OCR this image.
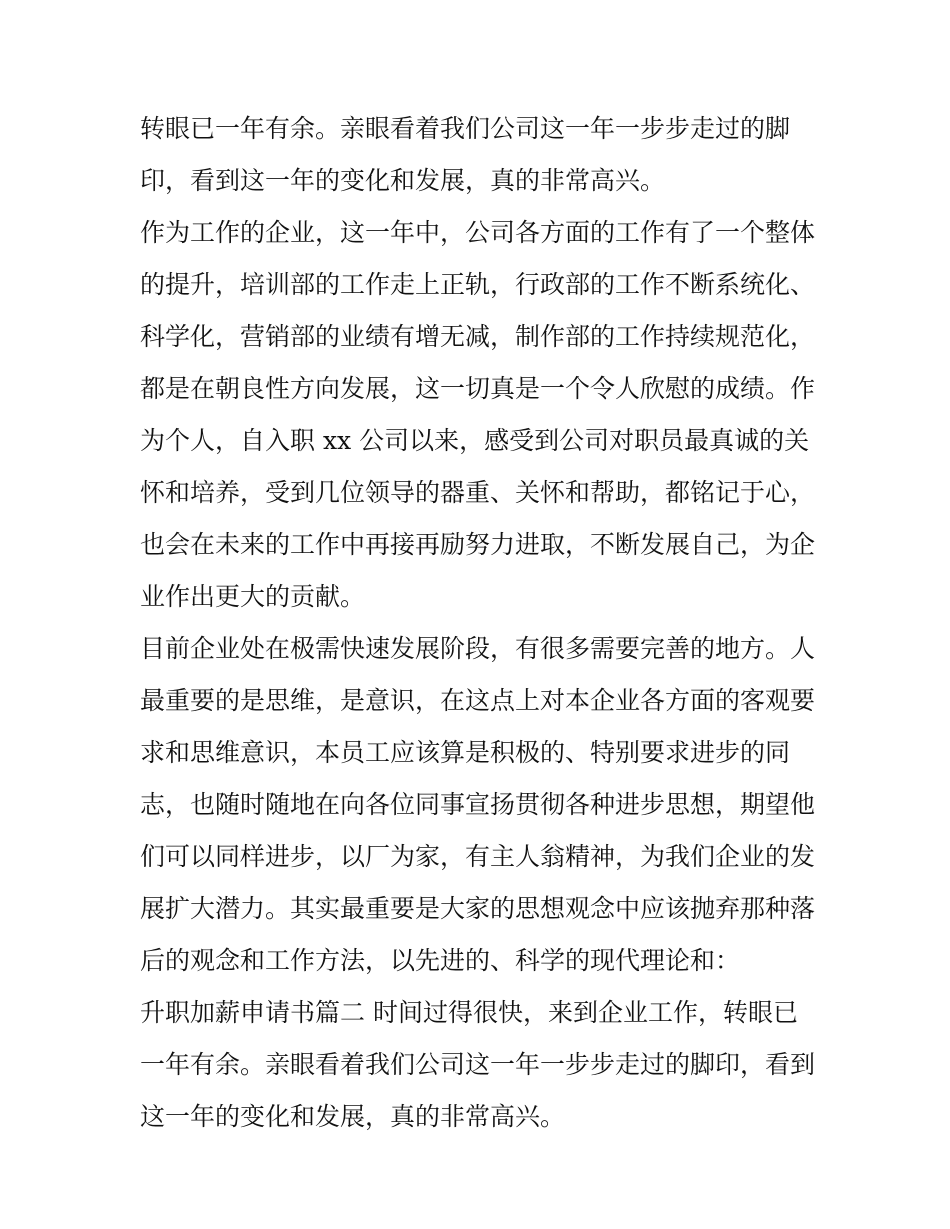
转眼已一年有余。亲眼看着我们公司这一年一步步走过的脚
印，看到这一年的变化和发展，真的非常高兴。
作为工作的企业，这一年中，公司各方面的工作有了一个整体
的提升，培训部的工作走上正轨，行政部的工作不断系统化、
科学化，营销部的业绩有增无减，制作部的工作持续规范化，
都是在朝良性方向发展，这一切真是一个令人欣慰的成绩。作
为个人，自入职 xx 公司以来，感受到公司对职员最真诚的关
怀和培养，受到几位领导的器重、关怀和帮助，都铭记于心，
也会在未来的工作中再接再励努力进取，不断发展自己，为企
业作出更大的贡献。
目前企业处在极需快速发展阶段，有很多需要完善的地方。人
最重要的是思维，是意识，在这点上对本企业各方面的客观要
求和思维意识，本员工应该算是积极的、特别要求进步的同
志，也随时随地在向各位同事宣扬贯彻各种进步思想，期望他
们可以同样进步，以厂为家，有主人翁精神，为我们企业的发
展扩大潜力。其实最重要是大家的思想观念中应该抛弃那种落
后的观念和工作方法，以先进的、科学的现代理论和：
升职加薪申请书篇二 时间过得很快，来到企业工作，转眼已
一年有余。亲眼看着我们公司这一年一步步走过的脚印，看到
这一年的变化和发展，真的非常高兴。
